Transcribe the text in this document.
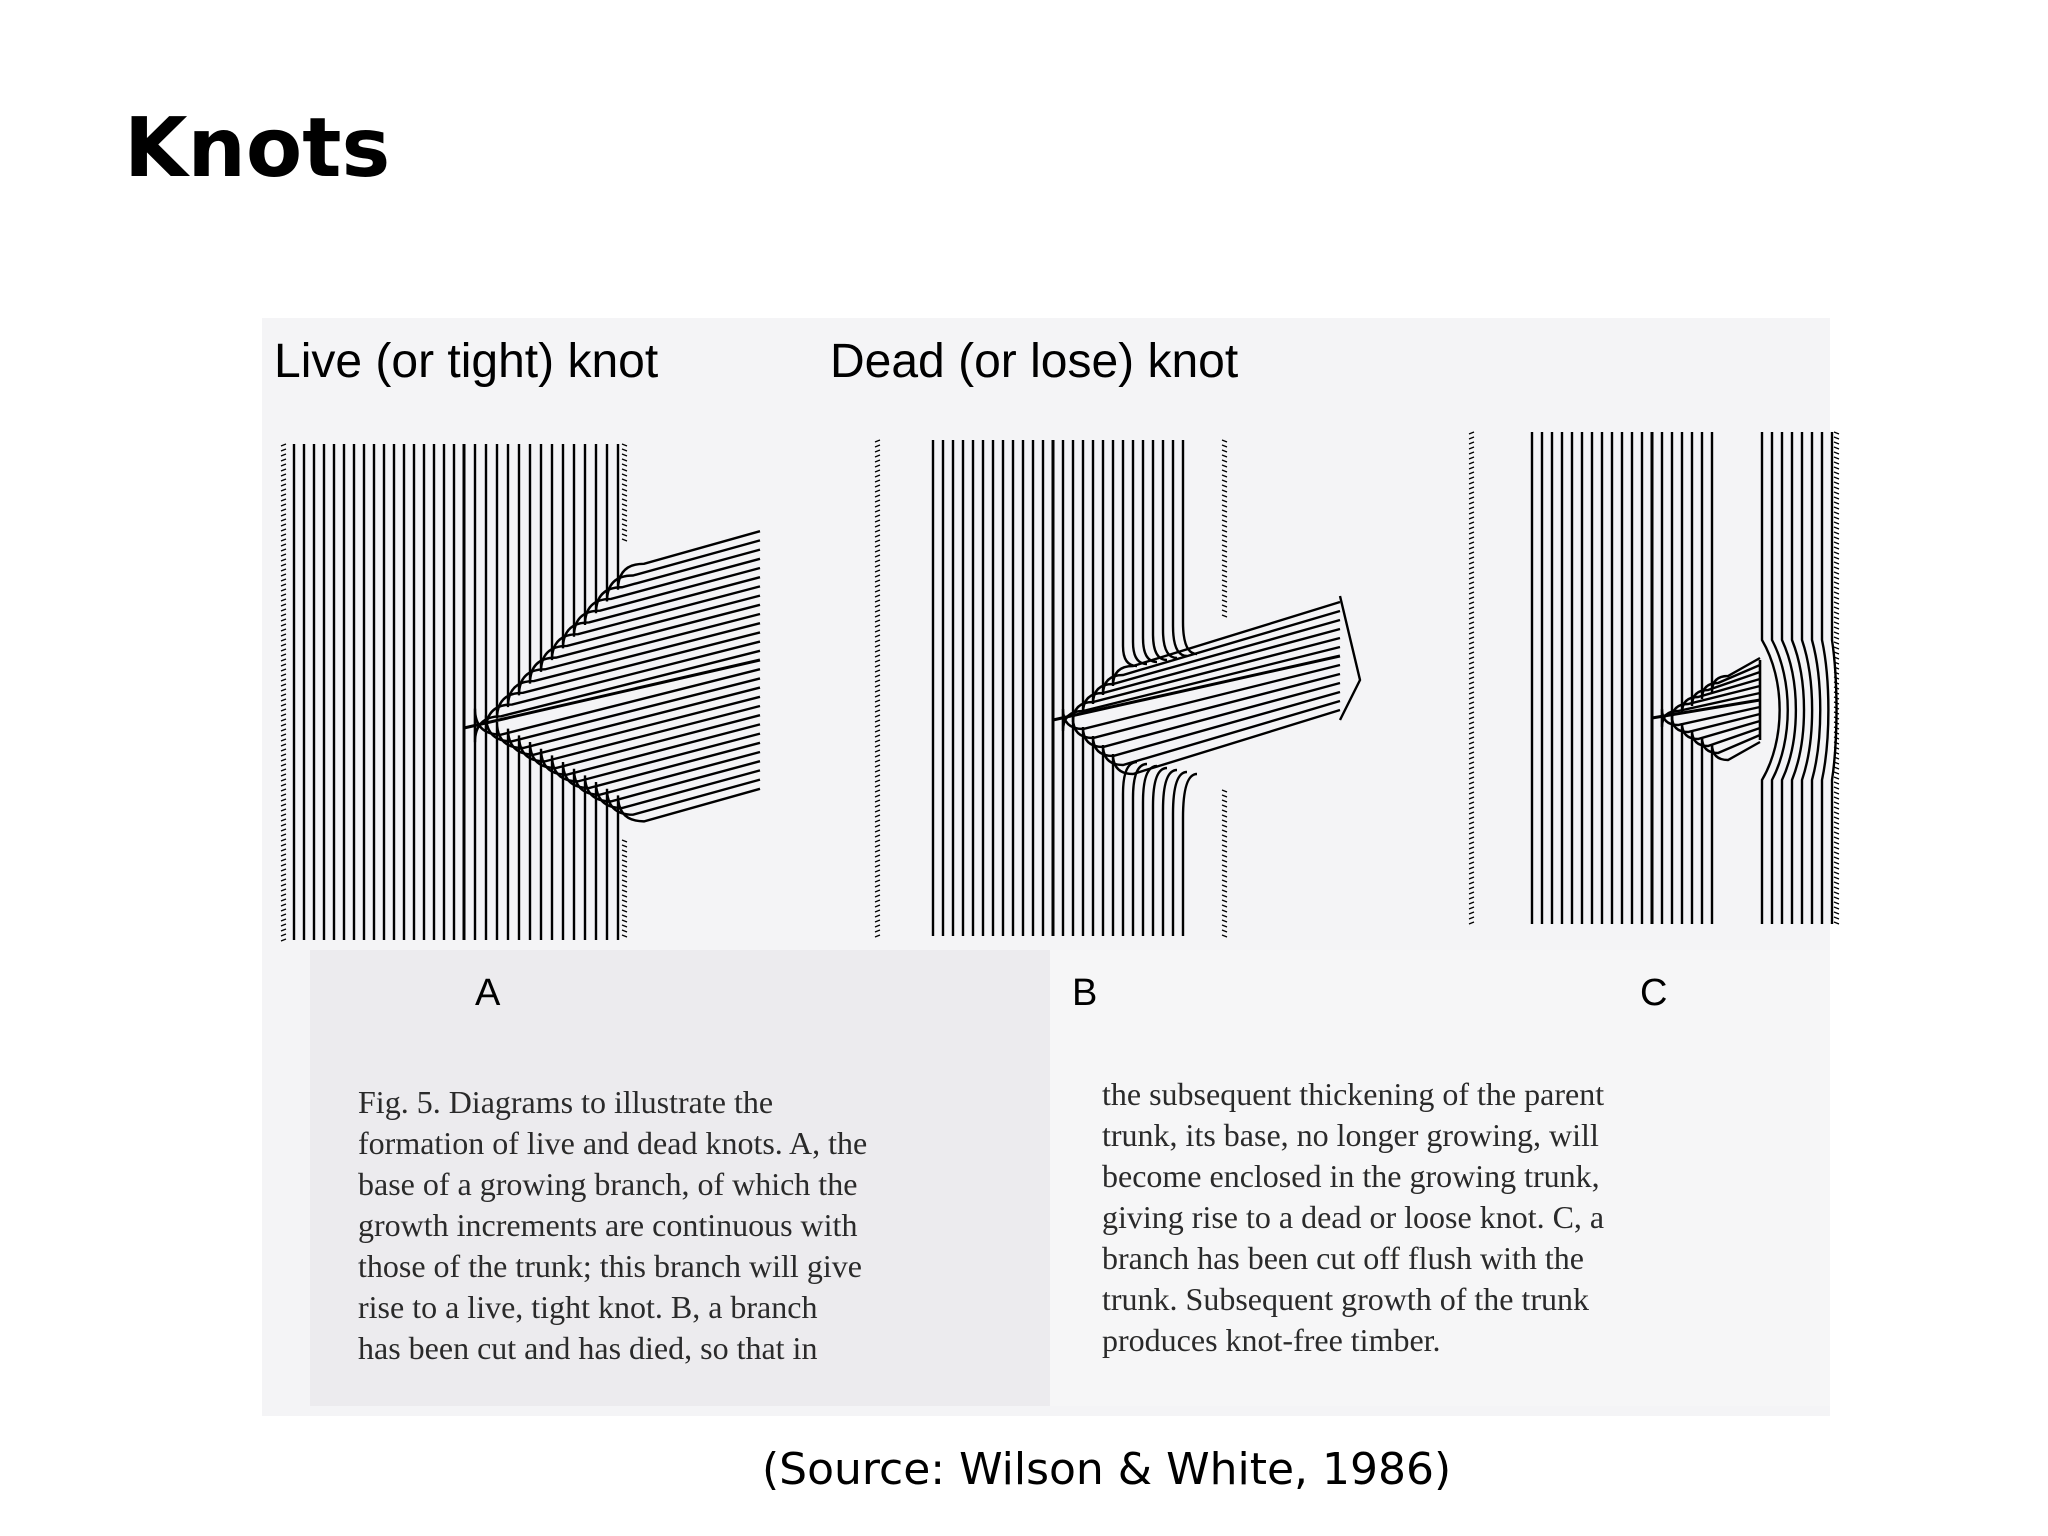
Knots

Live (or tight) knot	Dead (or lose) knot

A	B	C

Fig. 5. Diagrams to illustrate the
formation of live and dead knots. A, the
base of a growing branch, of which the
growth increments are continuous with
those of the trunk; this branch will give
rise to a live, tight knot. B, a branch
has been cut and has died, so that in
the subsequent thickening of the parent
trunk, its base, no longer growing, will
become enclosed in the growing trunk,
giving rise to a dead or loose knot. C, a
branch has been cut off flush with the
trunk. Subsequent growth of the trunk
produces knot-free timber.

(Source: Wilson & White, 1986)
